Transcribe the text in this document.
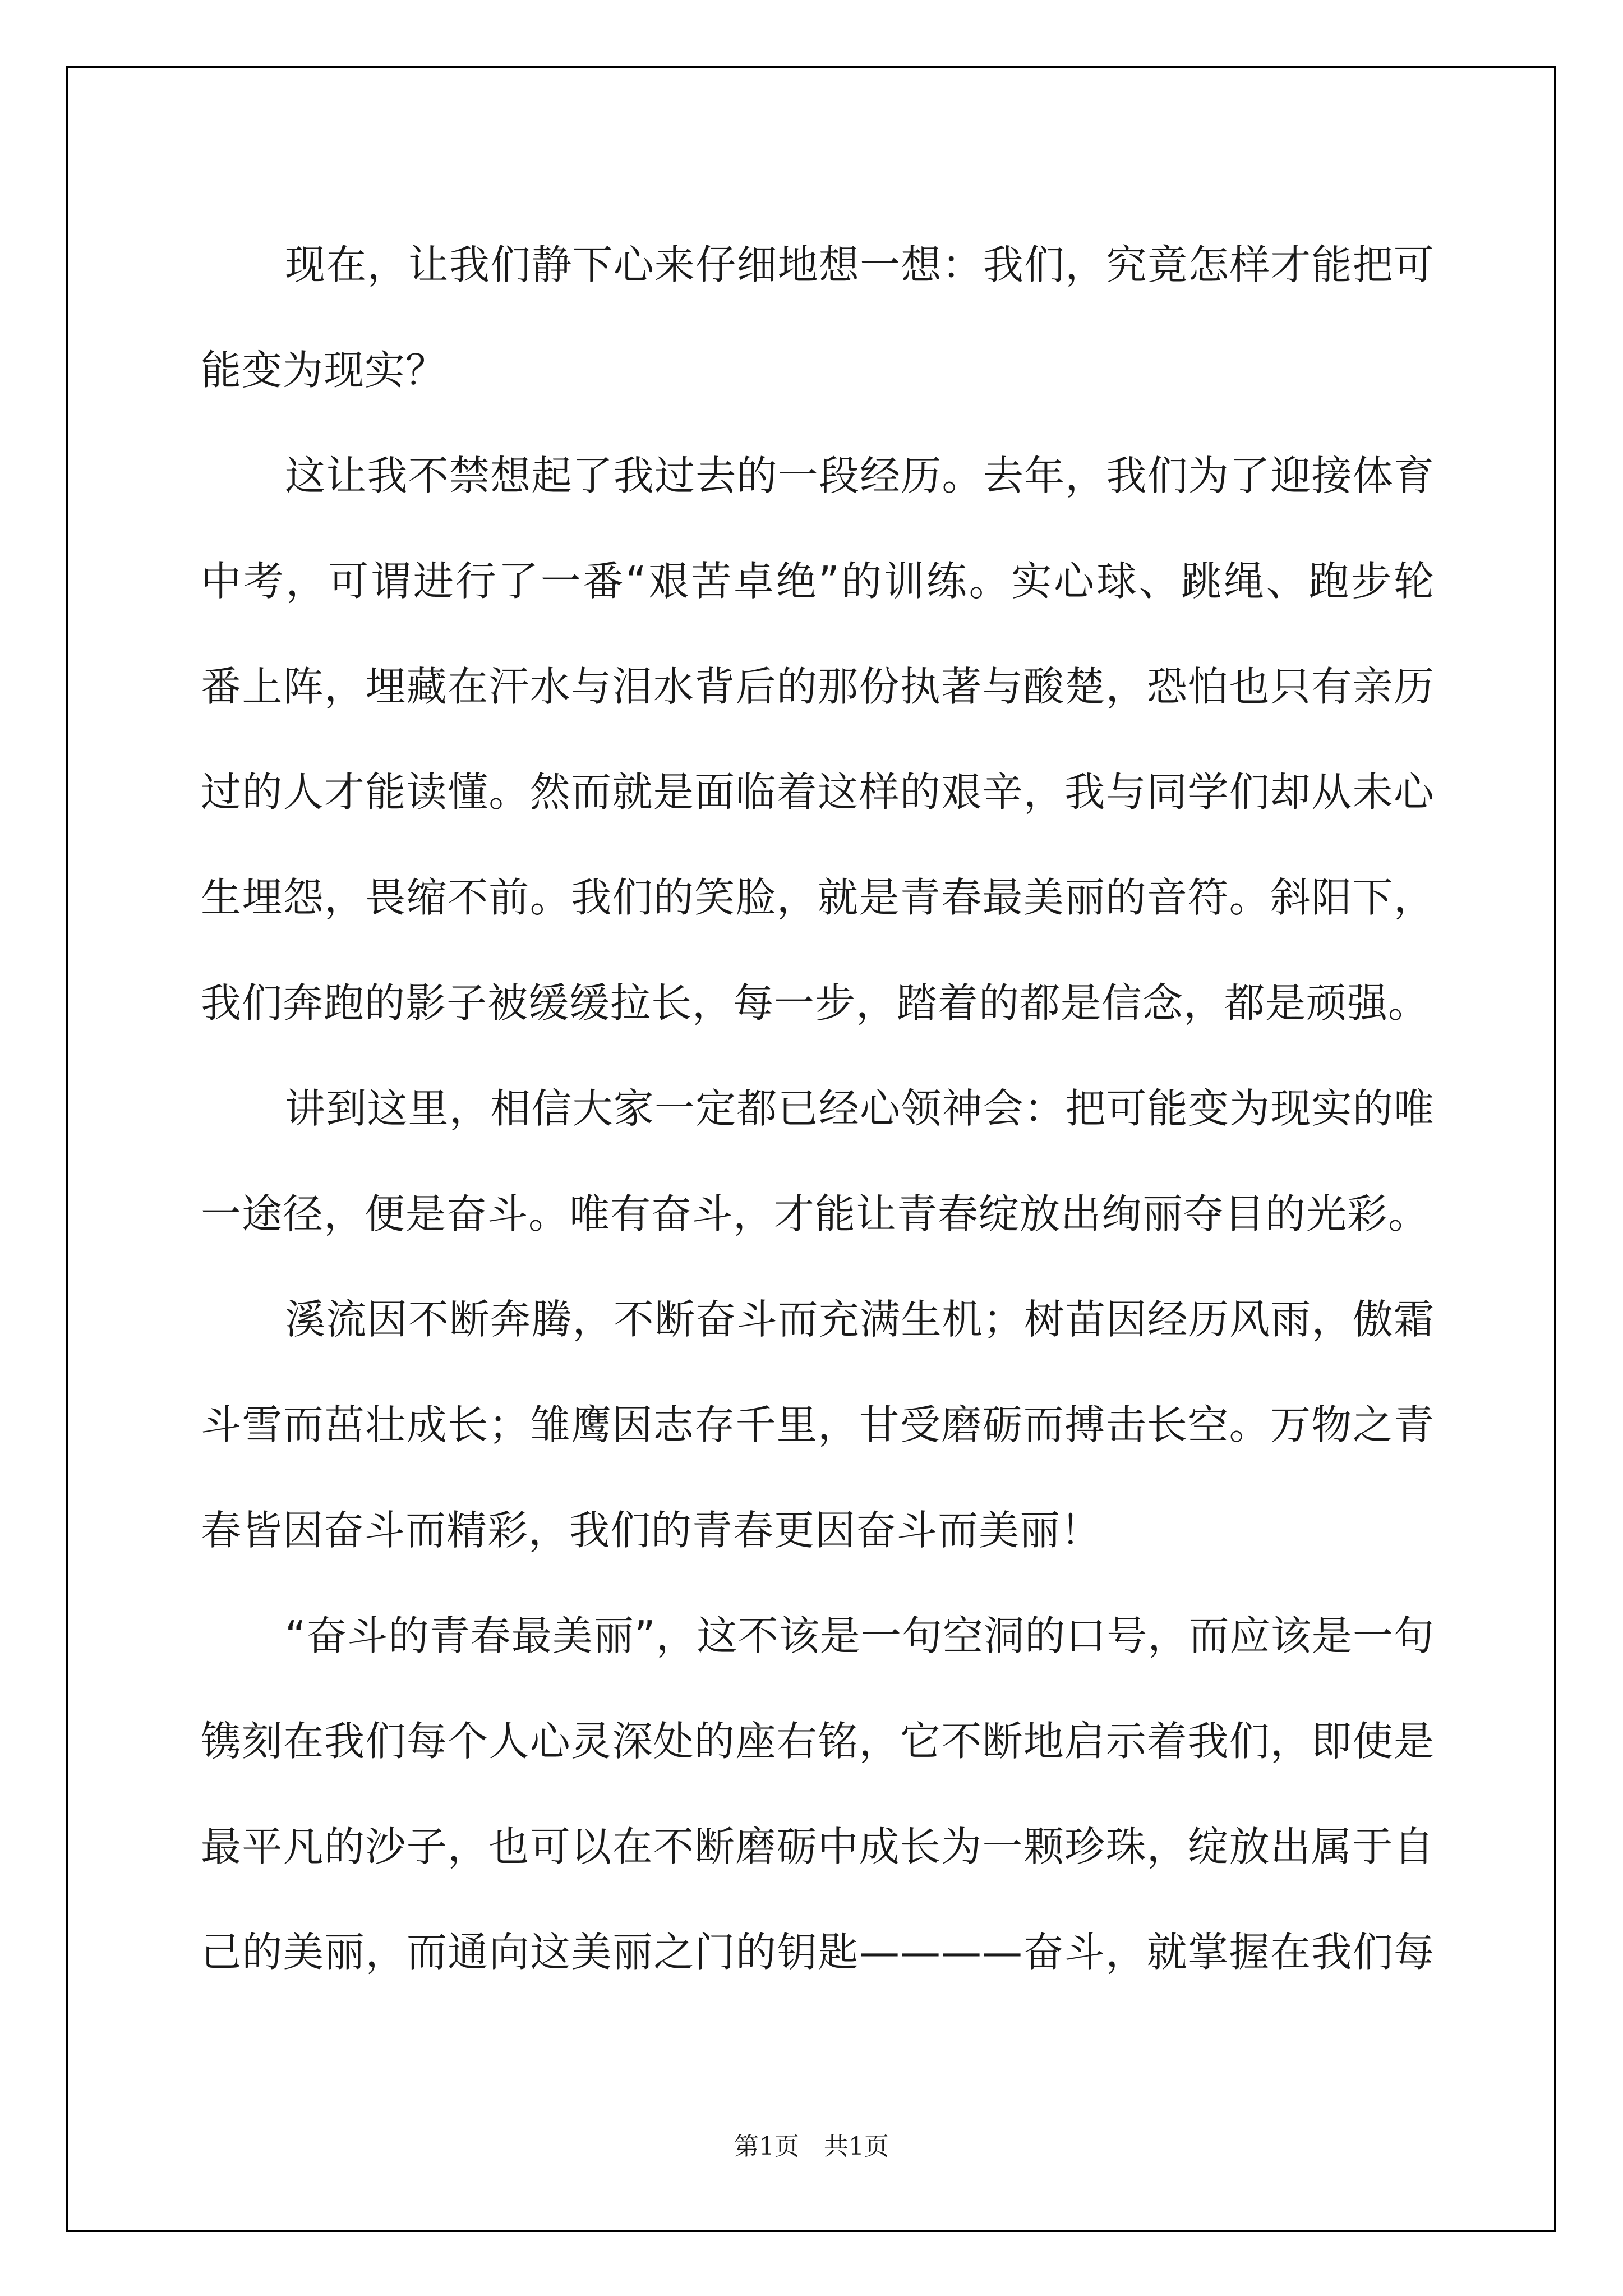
现在，让我们静下心来仔细地想一想：我们，究竟怎样才能把可
能变为现实？
这让我不禁想起了我过去的一段经历。去年，我们为了迎接体育
中考，可谓进行了一番“艰苦卓绝”的训练。实心球、跳绳、跑步轮
番上阵，埋藏在汗水与泪水背后的那份执著与酸楚，恐怕也只有亲历
过的人才能读懂。然而就是面临着这样的艰辛，我与同学们却从未心
生埋怨，畏缩不前。我们的笑脸，就是青春最美丽的音符。斜阳下，
我们奔跑的影子被缓缓拉长，每一步，踏着的都是信念，都是顽强。
讲到这里，相信大家一定都已经心领神会：把可能变为现实的唯
一途径，便是奋斗。唯有奋斗，才能让青春绽放出绚丽夺目的光彩。
溪流因不断奔腾，不断奋斗而充满生机；树苗因经历风雨，傲霜
斗雪而茁壮成长；雏鹰因志存千里，甘受磨砺而搏击长空。万物之青
春皆因奋斗而精彩，我们的青春更因奋斗而美丽！
“奋斗的青春最美丽”，这不该是一句空洞的口号，而应该是一句
镌刻在我们每个人心灵深处的座右铭，它不断地启示着我们，即使是
最平凡的沙子，也可以在不断磨砺中成长为一颗珍珠，绽放出属于自
己的美丽，而通向这美丽之门的钥匙————奋斗，就掌握在我们每
第1页 共1页
